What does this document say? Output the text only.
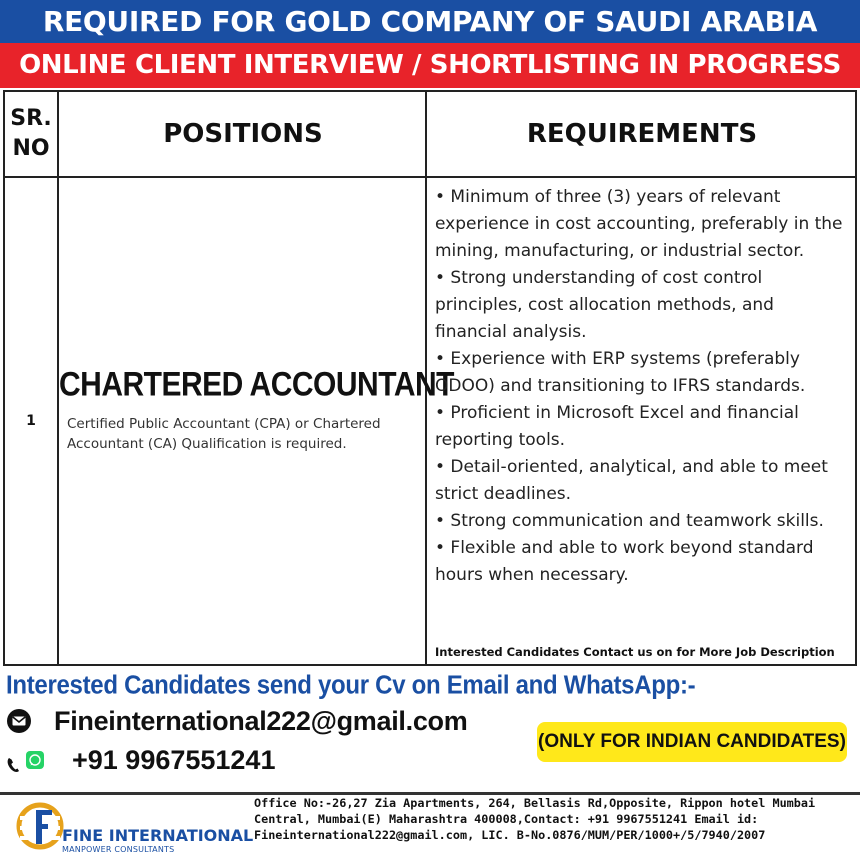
REQUIRED FOR GOLD COMPANY OF SAUDI ARABIA
ONLINE CLIENT INTERVIEW / SHORTLISTING IN PROGRESS
SR.
NO	POSITIONS	REQUIREMENTS
1
CHARTERED ACCOUNTANT
Certified Public Accountant (CPA) or Chartered Accountant (CA) Qualification is required.
• Minimum of three (3) years of relevant experience in cost accounting, preferably in the mining, manufacturing, or industrial sector.
• Strong understanding of cost control principles, cost allocation methods, and financial analysis.
• Experience with ERP systems (preferably ODOO) and transitioning to IFRS standards.
• Proficient in Microsoft Excel and financial reporting tools.
• Detail-oriented, analytical, and able to meet strict deadlines.
• Strong communication and teamwork skills.
• Flexible and able to work beyond standard hours when necessary.
Interested Candidates Contact us on for More Job Description
Interested Candidates send your Cv on Email and WhatsApp:-
Fineinternational222@gmail.com
+91 9967551241
(ONLY FOR INDIAN CANDIDATES)
FINE INTERNATIONAL
MANPOWER CONSULTANTS
Office No:-26,27 Zia Apartments, 264, Bellasis Rd,Opposite, Rippon hotel Mumbai Central, Mumbai(E) Maharashtra 400008,Contact: +91 9967551241 Email id: Fineinternational222@gmail.com, LIC. B-No.0876/MUM/PER/1000+/5/7940/2007
